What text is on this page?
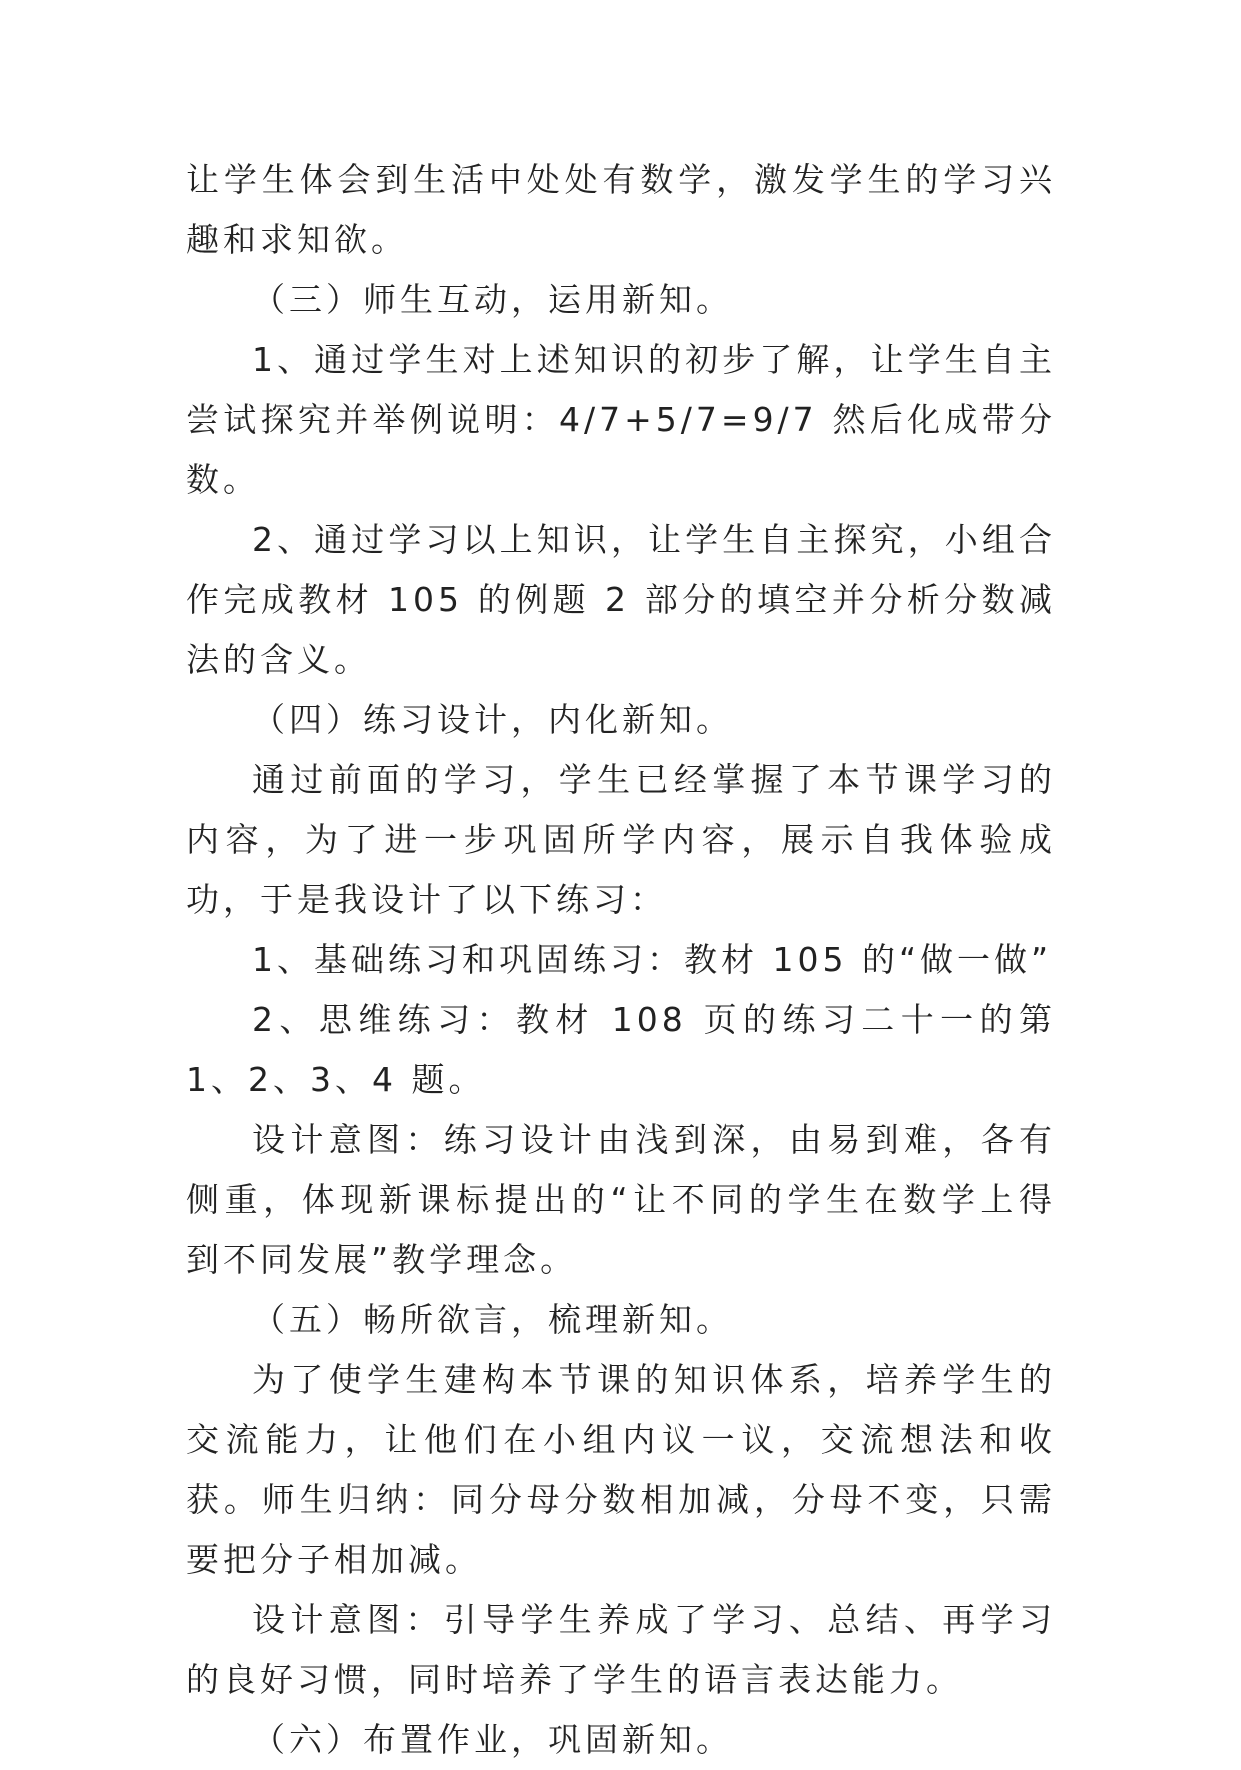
让学生体会到生活中处处有数学，激发学生的学习兴趣和求知欲。

（三）师生互动，运用新知。

1、通过学生对上述知识的初步了解，让学生自主尝试探究并举例说明：4/7+5/7=9/7 然后化成带分数。

2、通过学习以上知识，让学生自主探究，小组合作完成教材 105 的例题 2 部分的填空并分析分数减法的含义。

（四）练习设计，内化新知。

通过前面的学习，学生已经掌握了本节课学习的内容，为了进一步巩固所学内容，展示自我体验成功，于是我设计了以下练习：

1、基础练习和巩固练习：教材 105 的“做一做”

2、思维练习：教材 108 页的练习二十一的第 1、2、3、4 题。

设计意图：练习设计由浅到深，由易到难，各有侧重，体现新课标提出的“让不同的学生在数学上得到不同发展”教学理念。

（五）畅所欲言，梳理新知。

为了使学生建构本节课的知识体系，培养学生的交流能力，让他们在小组内议一议，交流想法和收获。师生归纳：同分母分数相加减，分母不变，只需要把分子相加减。

设计意图：引导学生养成了学习、总结、再学习的良好习惯，同时培养了学生的语言表达能力。

（六）布置作业，巩固新知。
